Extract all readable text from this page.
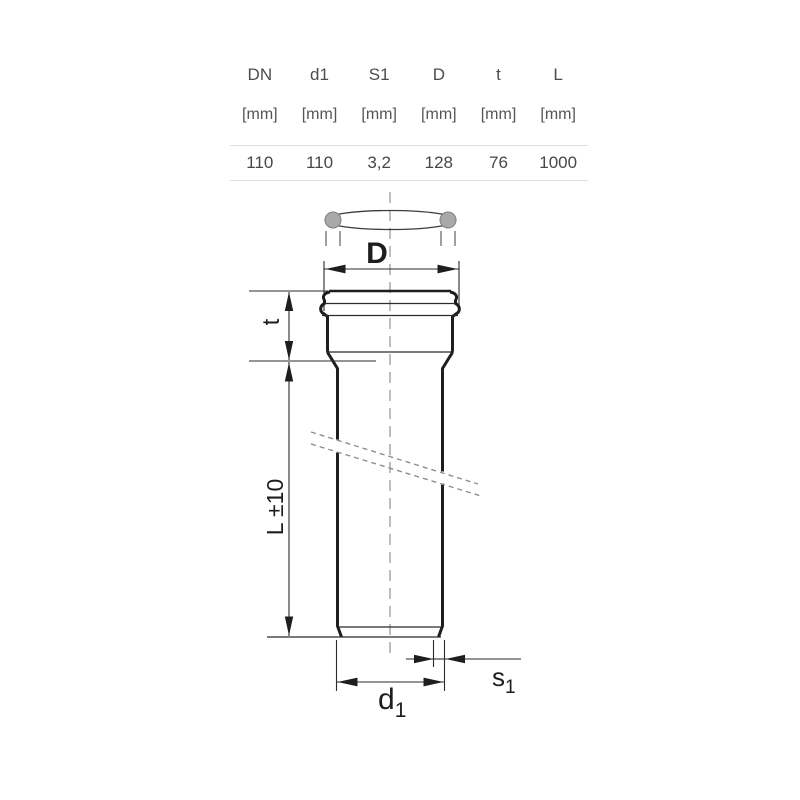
DN	d1	S1	D	t	L
[mm]	[mm]	[mm]	[mm]	[mm]	[mm]
110	110	3,2	128	76	1000
D
t
L ±10
$s_1$
$d_1$
